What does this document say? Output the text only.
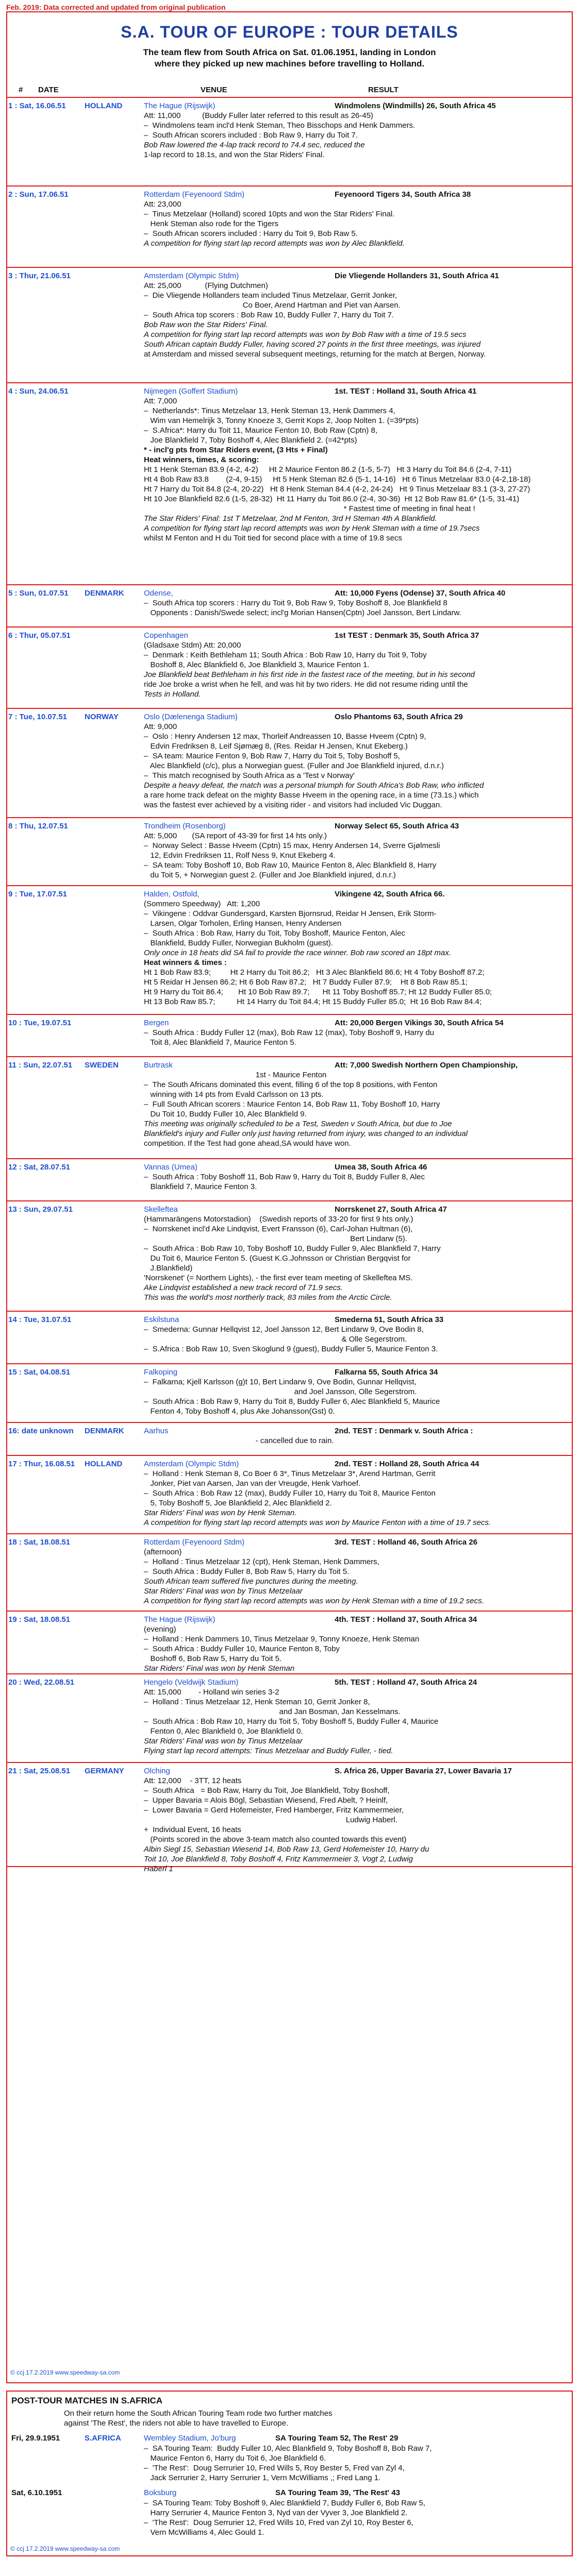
Feb. 2019: Data corrected and updated from original publication
S.A. TOUR OF EUROPE : TOUR DETAILS
The team flew from South Africa on Sat. 01.06.1951, landing in London
where they picked up new machines before travelling to Holland.
# DATE	VENUE	RESULT
1 : Sat, 16.06.51	HOLLAND	The Hague (Rijswijk)	Windmolens (Windmills) 26, South Africa 45

Att: 11,000          (Buddy Fuller later referred to this result as 26-45)

–  Windmolens team incl'd Henk Steman, Theo Bisschops and Henk Dammers.

–  South African scorers included : Bob Raw 9, Harry du Toit 7.

Bob Raw lowered the 4-lap track record to 74.4 sec, reduced the

1-lap record to 18.1s, and won the Star Riders' Final.

2 : Sun, 17.06.51	Rotterdam (Feyenoord Stdm)	Feyenoord Tigers 34, South Africa 38

Att: 23,000

–  Tinus Metzelaar (Holland) scored 10pts and won the Star Riders' Final.

Henk Steman also rode for the Tigers

–  South African scorers included : Harry du Toit 9, Bob Raw 5.

A competition for flying start lap record attempts was won by Alec Blankfield.

3 : Thur, 21.06.51	Amsterdam (Olympic Stdm)	Die Vliegende Hollanders 31, South Africa 41

Att: 25,000           (Flying Dutchmen)

–  Die Vliegende Hollanders team included Tinus Metzelaar, Gerrit Jonker,

Co Boer, Arend Hartman and Piet van Aarsen.

–  South Africa top scorers : Bob Raw 10, Buddy Fuller 7, Harry du Toit 7.

Bob Raw won the Star Riders' Final.

A competition for flying start lap record attempts was won by Bob Raw with a time of 19.5 secs

South African captain Buddy Fuller, having scored 27 points in the first three meetings, was injured

at Amsterdam and missed several subsequent meetings, returning for the match at Bergen, Norway.

4 : Sun, 24.06.51	Nijmegen (Goffert Stadium)	1st. TEST : Holland 31, South Africa 41

Att: 7,000

–  Netherlands*: Tinus Metzelaar 13, Henk Steman 13, Henk Dammers 4,

Wim van Hemelrijk 3, Tonny Knoeze 3, Gerrit Kops 2, Joop Nolten 1. (=39*pts)

–  S.Africa*: Harry du Toit 11, Maurice Fenton 10, Bob Raw (Cptn) 8,

Joe Blankfield 7, Toby Boshoff 4, Alec Blankfield 2. (=42*pts)

* - incl'g pts from Star Riders event, (3 Hts + Final)

Heat winners, times, & scoring:

Ht 1 Henk Steman 83.9 (4-2, 4-2)     Ht 2 Maurice Fenton 86.2 (1-5, 5-7)   Ht 3 Harry du Toit 84.6 (2-4, 7-11)

Ht 4 Bob Raw 83.8        (2-4, 9-15)     Ht 5 Henk Steman 82.6 (5-1, 14-16)   Ht 6 Tinus Metzelaar 83.0 (4-2,18-18)

Ht 7 Harry du Toit 84.8 (2-4, 20-22)   Ht 8 Henk Steman 84.4 (4-2, 24-24)   Ht 9 Tinus Metzelaar 83.1 (3-3, 27-27)

Ht 10 Joe Blankfield 82.6 (1-5, 28-32)  Ht 11 Harry du Toit 86.0 (2-4, 30-36)  Ht 12 Bob Raw 81.6* (1-5, 31-41)

* Fastest time of meeting in final heat !

The Star Riders' Final: 1st T Metzelaar, 2nd M Fenton, 3rd H Steman 4th A Blankfield.

A competition for flying start lap record attempts was won by Henk Steman with a time of 19.7secs

whilst M Fenton and H du Toit tied for second place with a time of 19.8 secs

5 : Sun, 01.07.51	DENMARK	Odense,	Att: 10,000 Fyens (Odense) 37, South Africa 40

–  South Africa top scorers : Harry du Toit 9, Bob Raw 9, Toby Boshoff 8, Joe Blankfield 8

Opponents : Danish/Swede select; incl'g Morian Hansen(Cptn) Joel Jansson, Bert Lindarw.

6 : Thur, 05.07.51	Copenhagen	1st TEST : Denmark 35, South Africa 37

(Gladsaxe Stdm) Att: 20,000

–  Denmark : Keith Bethleham 11; South Africa : Bob Raw 10, Harry du Toit 9, Toby

Boshoff 8, Alec Blankfield 6, Joe Blankfield 3, Maurice Fenton 1.

Joe Blankfield beat Bethleham in his first ride in the fastest race of the meeting, but in his second

ride Joe broke a wrist when he fell, and was hit by two riders. He did not resume riding until the

Tests in Holland.

7 : Tue, 10.07.51	NORWAY	Oslo (Dælenenga Stadium)	Oslo Phantoms 63, South Africa 29

Att: 9,000

–  Oslo : Henry Andersen 12 max, Thorleif Andreassen 10, Basse Hveem (Cptn) 9,

Edvin Fredriksen 8, Leif Sjømæg 8, (Res. Reidar H Jensen, Knut Ekeberg.)

–  SA team: Maurice Fenton 9, Bob Raw 7, Harry du Toit 5, Toby Boshoff 5,

Alec Blankfield (c/c), plus a Norwegian guest. (Fuller and Joe Blankfield injured, d.n.r.)

–  This match recognised by South Africa as a 'Test v Norway'

Despite a heavy defeat, the match was a personal triumph for South Africa's Bob Raw, who inflicted

a rare home track defeat on the mighty Basse Hveem in the opening race, in a time (73.1s.) which

was the fastest ever achieved by a visiting rider - and visitors had included Vic Duggan.

8 : Thu, 12.07.51	Trondheim (Rosenborg)	Norway Select 65, South Africa 43

Att: 5,000       (SA report of 43-39 for first 14 hts only.)

–  Norway Select : Basse Hveem (Cptn) 15 max, Henry Andersen 14, Sverre Gjølmesli

12, Edvin Fredriksen 11, Rolf Ness 9, Knut Ekeberg 4.

–  SA team: Toby Boshoff 10, Bob Raw 10, Maurice Fenton 8, Alec Blankfield 8, Harry

du Toit 5, + Norwegian guest 2. (Fuller and Joe Blankfield injured, d.n.r.)

9 : Tue, 17.07.51	Halden, Ostfold,	Vikingene 42, South Africa 66.

(Sommero Speedway)   Att: 1,200

–  Vikingene : Oddvar Gundersgard, Karsten Bjornsrud, Reidar H Jensen, Erik Storm-

Larsen, Olgar Torholen, Erling Hansen, Henry Andersen

–  South Africa : Bob Raw, Harry du Toit, Toby Boshoff, Maurice Fenton, Alec

Blankfield, Buddy Fuller, Norwegian Bukholm (guest).

Only once in 18 heats did SA fail to provide the race winner. Bob raw scored an 18pt max.

Heat winners & times :

Ht 1 Bob Raw 83.9;         Ht 2 Harry du Toit 86.2;   Ht 3 Alec Blankfield 86.6; Ht 4 Toby Boshoff 87.2;

Ht 5 Reidar H Jensen 86.2; Ht 6 Bob Raw 87.2;   Ht 7 Buddy Fuller 87.9;    Ht 8 Bob Raw 85.1;

Ht 9 Harry du Toit 86.4;       Ht 10 Bob Raw 89.7;      Ht 11 Toby Boshoff 85.7; Ht 12 Buddy Fuller 85.0;

Ht 13 Bob Raw 85.7;          Ht 14 Harry du Toit 84.4; Ht 15 Buddy Fuller 85.0;  Ht 16 Bob Raw 84.4;

10 : Tue, 19.07.51	Bergen	Att: 20,000 Bergen Vikings 30, South Africa 54

–  South Africa : Buddy Fuller 12 (max), Bob Raw 12 (max), Toby Boshoff 9, Harry du

Toit 8, Alec Blankfield 7, Maurice Fenton 5.

11 : Sun, 22.07.51	SWEDEN	Burtrask	Att: 7,000 Swedish Northern Open Championship,

1st - Maurice Fenton

–  The South Africans dominated this event, filling 6 of the top 8 positions, with Fenton

winning with 14 pts from Evald Carlsson on 13 pts.

–  Full South African scorers : Maurice Fenton 14, Bob Raw 11, Toby Boshoff 10, Harry

Du Toit 10, Buddy Fuller 10, Alec Blankfield 9.

This meeting was originally scheduled to be a Test, Sweden v South Africa, but due to Joe

Blankfield's injury and Fuller only just having returned from injury, was changed to an individual

competition. If the Test had gone ahead,SA would have won.

12 : Sat, 28.07.51	Vannas (Umea)	Umea 38, South Africa 46

–  South Africa : Toby Boshoff 11, Bob Raw 9, Harry du Toit 8, Buddy Fuller 8, Alec

Blankfield 7, Maurice Fenton 3.

13 : Sun, 29.07.51	Skelleftea	Norrskenet 27, South Africa 47

(Hammarängens Motorstadion)    (Swedish reports of 33-20 for first 9 hts only.)

–  Norrskenet incl'd Ake Lindqvist, Evert Fransson (6), Carl-Johan Hultman (6),

Bert Lindarw (5).

–  South Africa : Bob Raw 10, Toby Boshoff 10, Buddy Fuller 9, Alec Blankfield 7, Harry

Du Toit 6, Maurice Fenton 5. (Guest K.G.Johnsson or Christian Bergqvist for

J.Blankfield)

'Norrskenet' (= Northern Lights), - the first ever team meeting of Skelleftea MS.

Ake Lindqvist established a new track record of 71.9 secs.

This was the world's most northerly track, 83 miles from the Arctic Circle.

14 : Tue, 31.07.51	Eskilstuna	Smederna 51, South Africa 33

–  Smederna: Gunnar Hellqvist 12, Joel Jansson 12, Bert Lindarw 9, Ove Bodin 8,

& Olle Segerstrom.

–  S.Africa : Bob Raw 10, Sven Skoglund 9 (guest), Buddy Fuller 5, Maurice Fenton 3.

15 : Sat, 04.08.51	Falkoping	Falkarna 55, South Africa 34

–  Falkarna; Kjell Karlsson (g)t 10, Bert Lindarw 9, Ove Bodin, Gunnar Hellqvist,

and Joel Jansson, Olle Segerstrom.

–  South Africa : Bob Raw 9, Harry du Toit 8, Buddy Fuller 6, Alec Blankfield 5, Maurice

Fenton 4, Toby Boshoff 4, plus Ake Johansson(Gst) 0.

16: date unknown	DENMARK	Aarhus	2nd. TEST : Denmark v. South Africa :

- cancelled due to rain.

17 : Thur, 16.08.51	HOLLAND	Amsterdam (Olympic Stdm)	2nd. TEST : Holland 28, South Africa 44

–  Holland : Henk Steman 8, Co Boer 6 3*, Tinus Metzelaar 3*, Arend Hartman, Gerrit

Jonker, Piet van Aarsen, Jan van der Vreugde, Henk Varhoef.

–  South Africa : Bob Raw 12 (max), Buddy Fuller 10, Harry du Toit 8, Maurice Fenton

5, Toby Boshoff 5, Joe Blankfield 2, Alec Blankfield 2.

Star Riders' Final was won by Henk Steman.

A competition for flying start lap record attempts was won by Maurice Fenton with a time of 19.7 secs.

18 : Sat, 18.08.51	Rotterdam (Feyenoord Stdm)	3rd. TEST : Holland 46, South Africa 26

(afternoon)

–  Holland : Tinus Metzelaar 12 (cpt), Henk Steman, Henk Dammers,

–  South Africa : Buddy Fuller 8, Bob Raw 5, Harry du Toit 5.

South African team suffered five punctures during the meeting.

Star Riders' Final was won by Tinus Metzelaar

A competition for flying start lap record attempts was won by Henk Steman with a time of 19.2 secs.

19 : Sat, 18.08.51	The Hague (Rijswijk)	4th. TEST : Holland 37, South Africa 34

(evening)

–  Holland : Henk Dammers 10, Tinus Metzelaar 9, Tonny Knoeze, Henk Steman

–  South Africa : Buddy Fuller 10, Maurice Fenton 8, Toby

Boshoff 6, Bob Raw 5, Harry du Toit 5.

Star Riders' Final was won by Henk Steman

20 : Wed, 22.08.51	Hengelo (Veldwijk Stadium)	5th. TEST : Holland 47, South Africa 24

Att: 15,000        - Holland win series 3-2

–  Holland : Tinus Metzelaar 12, Henk Steman 10, Gerrit Jonker 8,

and Jan Bosman, Jan Kesselmans.

–  South Africa : Bob Raw 10, Harry du Toit 5, Toby Boshoff 5, Buddy Fuller 4, Maurice

Fenton 0, Alec Blankfield 0, Joe Blankfield 0.

Star Riders' Final was won by Tinus Metzelaar

Flying start lap record attempts: Tinus Metzelaar and Buddy Fuller, - tied.

21 : Sat, 25.08.51	GERMANY	Olching	S. Africa 26, Upper Bavaria 27, Lower Bavaria 17

Att: 12,000    - 3TT, 12 heats

–  South Africa   = Bob Raw, Harry du Toit, Joe Blankfield, Toby Boshoff,

–  Upper Bavaria = Alois Bögl, Sebastian Wiesend, Fred Abelt, ? Heinlf,

–  Lower Bavaria = Gerd Hofemeister, Fred Hamberger, Fritz Kammermeier,

Ludwig Haberl.

+  Individual Event, 16 heats

(Points scored in the above 3-team match also counted towards this event)

Albin Siegl 15, Sebastian Wiesend 14, Bob Raw 13, Gerd Hofemeister 10, Harry du

Toit 10, Joe Blankfield 8, Toby Boshoff 4, Fritz Kammermeier 3, Vogt 2, Ludwig

Haberl 1

© ccj 17.2.2019 www.speedway-sa.com
POST-TOUR MATCHES IN S.AFRICA
On their return home the South African Touring Team rode two further matches
against 'The Rest', the riders not able to have travelled to Europe.
Fri, 29.9.1951	S.AFRICA	Wembley Stadium, Jo'burg	SA Touring Team 52, The Rest' 29
–  SA Touring Team:  Buddy Fuller 10, Alec Blankfield 9, Toby Boshoff 8, Bob Raw 7,
Maurice Fenton 6, Harry du Toit 6, Joe Blankfield 6.
–  'The Rest':  Doug Serrurier 10, Fred Wills 5, Roy Bester 5, Fred van Zyl 4,
Jack Serrurier 2, Harry Serrurier 1, Vern McWilliams ,; Fred Lang 1.
Sat, 6.10.1951	Boksburg	SA Touring Team 39, 'The Rest' 43
–  SA Touring Team: Toby Boshoff 9, Alec Blankfield 7, Buddy Fuller 6, Bob Raw 5,
Harry Serrurier 4, Maurice Fenton 3, Nyd van der Vyver 3, Joe Blankfield 2.
–  'The Rest':  Doug Serrurier 12, Fred Wills 10, Fred van Zyl 10, Roy Bester 6,
Vern McWilliams 4, Alec Gould 1.
© ccj 17.2.2019 www.speedway-sa.com
